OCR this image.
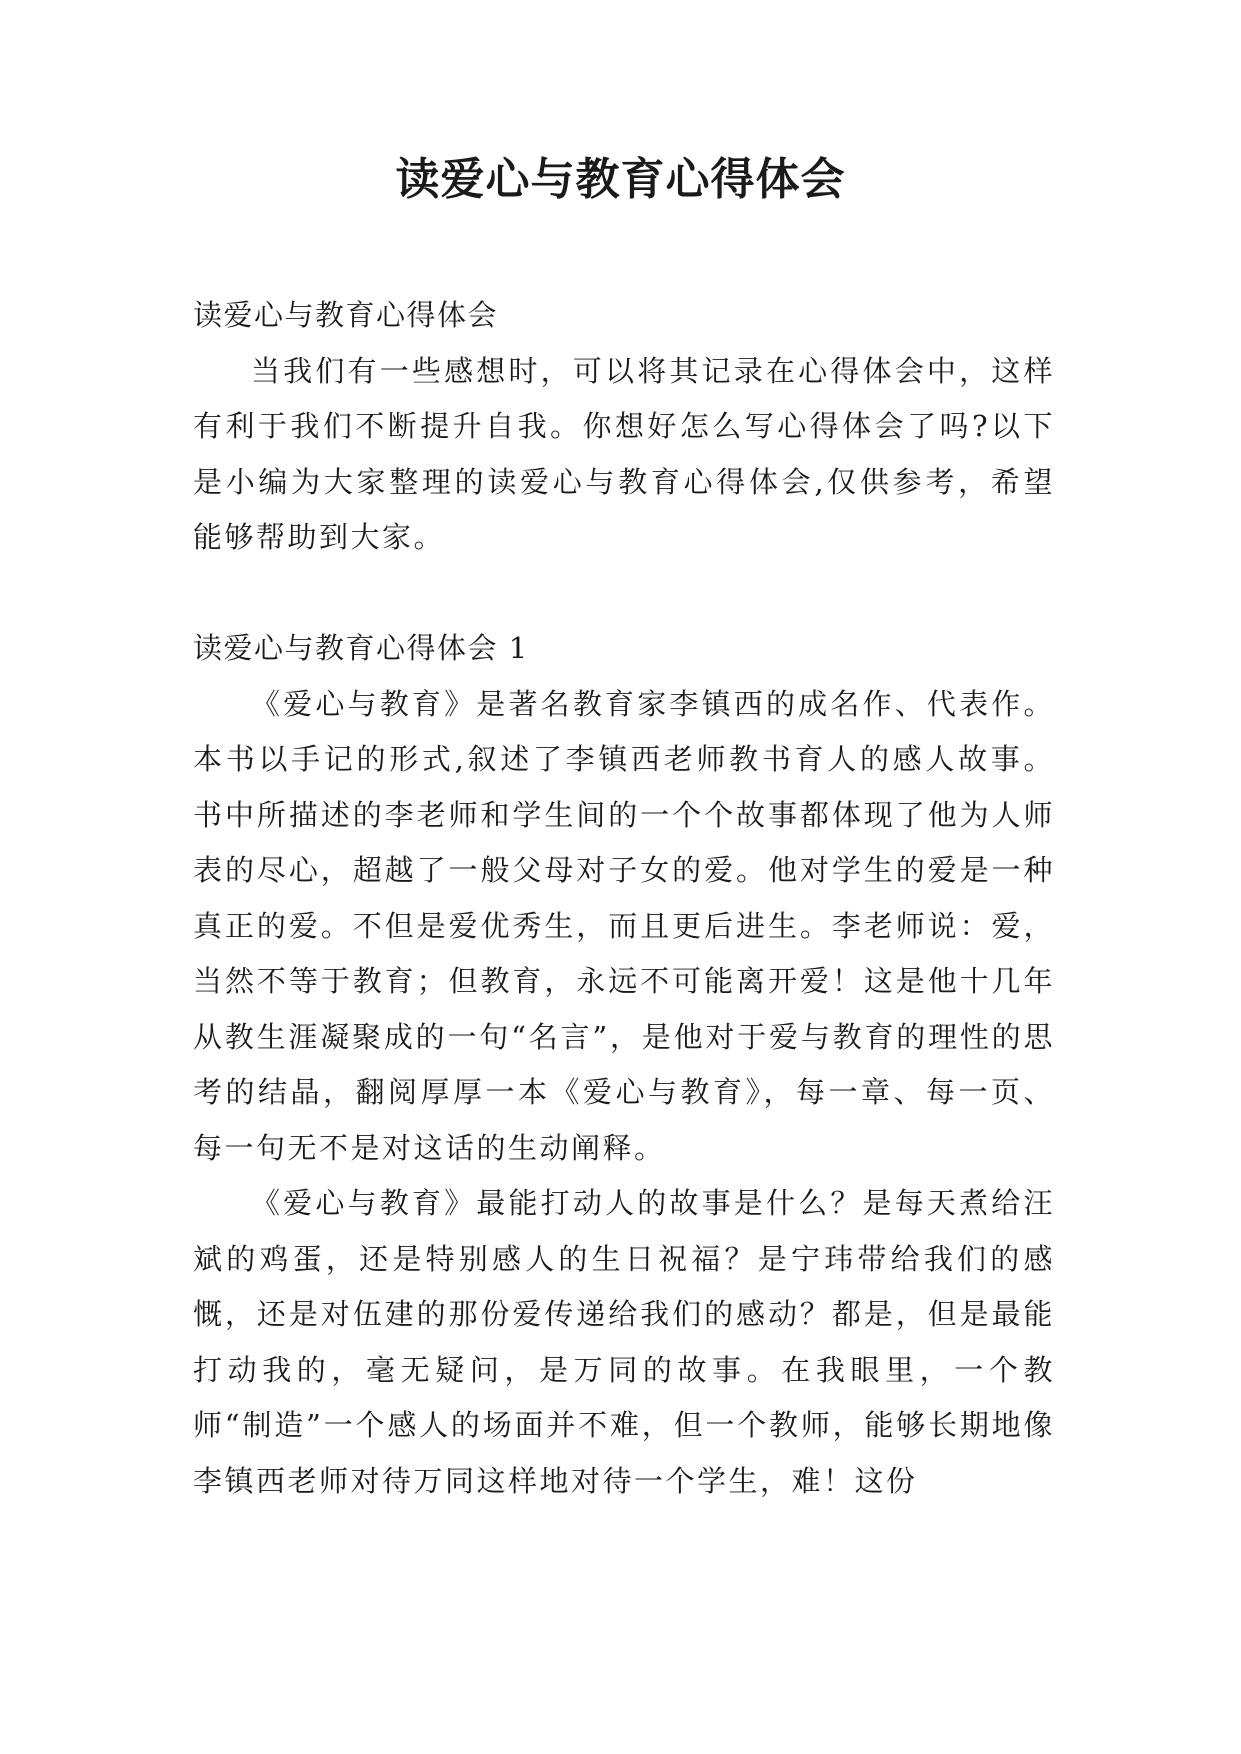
读爱心与教育心得体会

读爱心与教育心得体会

当我们有一些感想时，可以将其记录在心得体会中，这样有利于我们不断提升自我。你想好怎么写心得体会了吗?以下是小编为大家整理的读爱心与教育心得体会,仅供参考，希望能够帮助到大家。

读爱心与教育心得体会 1

《爱心与教育》是著名教育家李镇西的成名作、代表作。本书以手记的形式,叙述了李镇西老师教书育人的感人故事。书中所描述的李老师和学生间的一个个故事都体现了他为人师表的尽心，超越了一般父母对子女的爱。他对学生的爱是一种真正的爱。不但是爱优秀生，而且更后进生。李老师说：爱，当然不等于教育；但教育，永远不可能离开爱！这是他十几年从教生涯凝聚成的一句“名言”，是他对于爱与教育的理性的思考的结晶，翻阅厚厚一本《爱心与教育》，每一章、每一页、每一句无不是对这话的生动阐释。

《爱心与教育》最能打动人的故事是什么？是每天煮给汪斌的鸡蛋，还是特别感人的生日祝福？是宁玮带给我们的感慨，还是对伍建的那份爱传递给我们的感动？都是，但是最能打动我的，毫无疑问，是万同的故事。在我眼里，一个教师“制造”一个感人的场面并不难，但一个教师，能够长期地像李镇西老师对待万同这样地对待一个学生，难！这份
